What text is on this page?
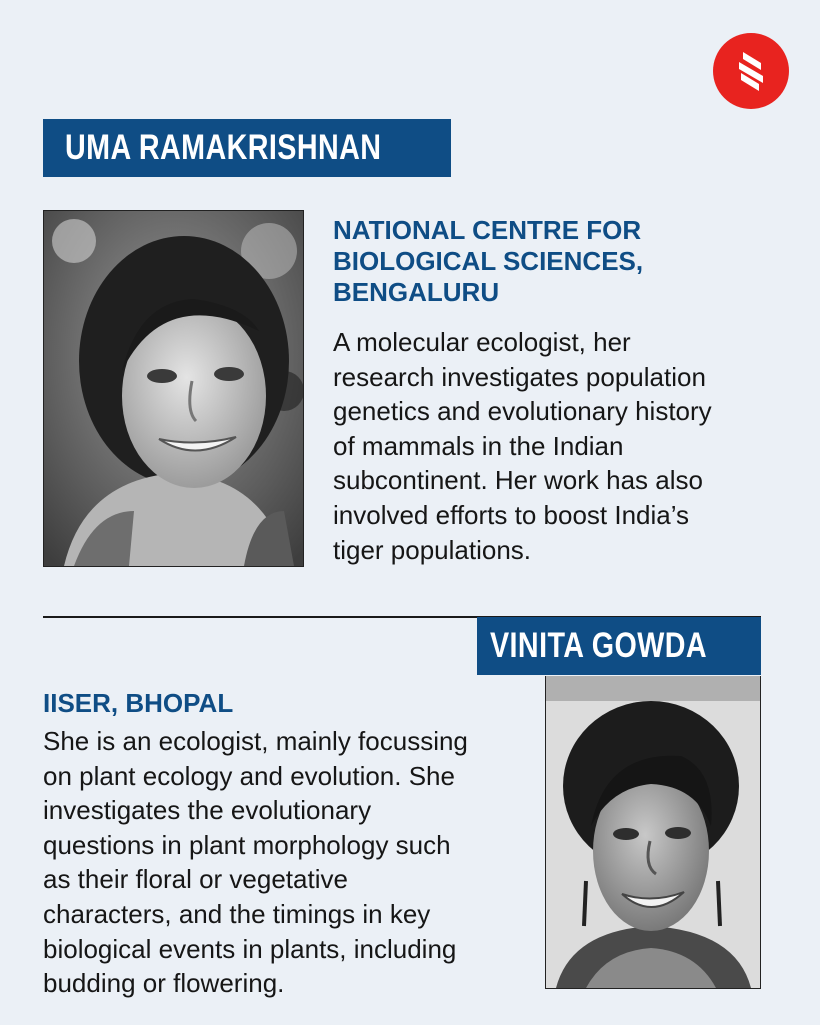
UMA RAMAKRISHNAN
NATIONAL CENTRE FOR
BIOLOGICAL SCIENCES,
BENGALURU
A molecular ecologist, her
research investigates population
genetics and evolutionary history
of mammals in the Indian
subcontinent. Her work has also
involved efforts to boost India’s
tiger populations.
VINITA GOWDA
IISER, BHOPAL
She is an ecologist, mainly focussing
on plant ecology and evolution. She
investigates the evolutionary
questions in plant morphology such
as their floral or vegetative
characters, and the timings in key
biological events in plants, including
budding or flowering.
